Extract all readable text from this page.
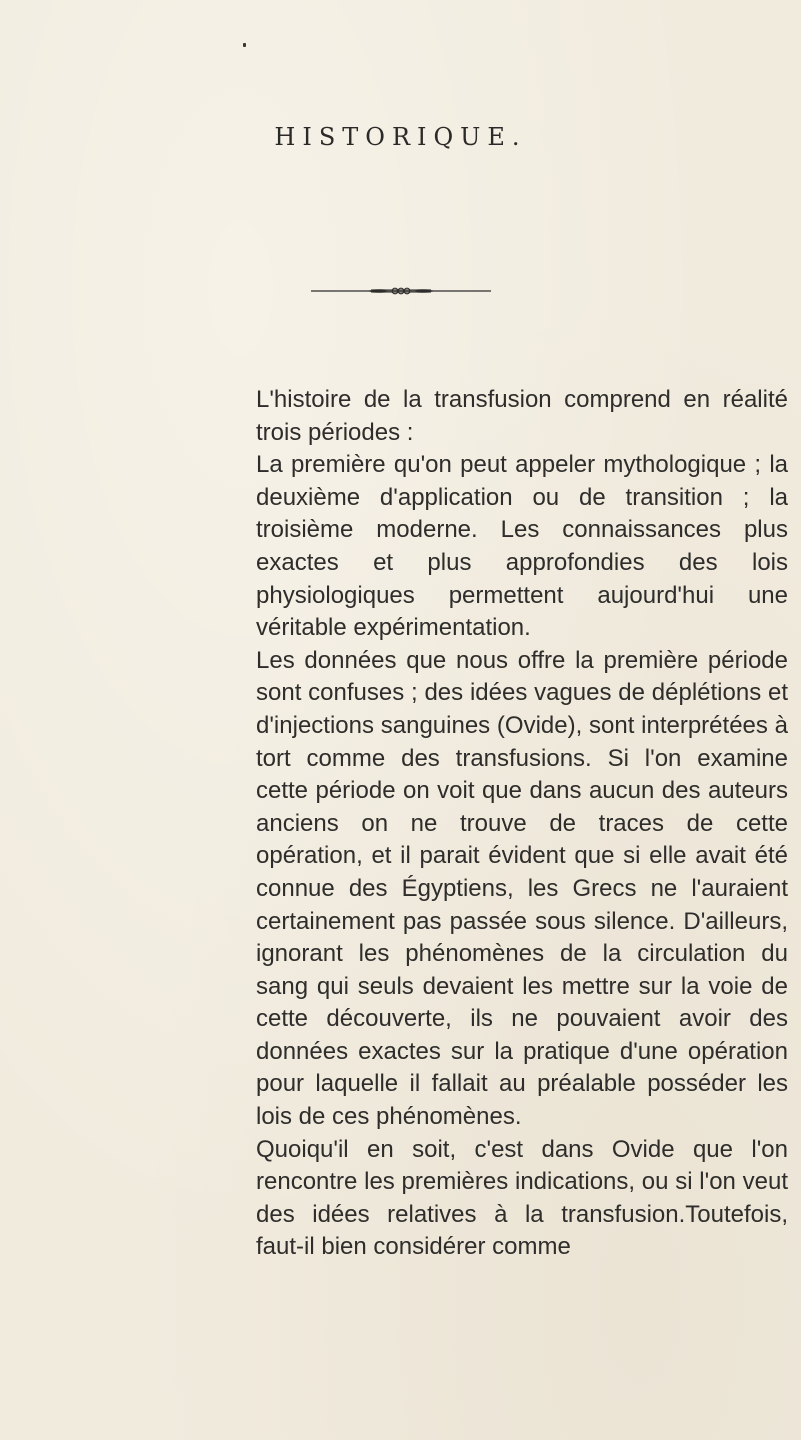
HISTORIQUE.

L'histoire de la transfusion comprend en réalité trois périodes :

La première qu'on peut appeler mythologique ; la deuxième d'application ou de transition ; la troisième moderne. Les connaissances plus exactes et plus approfondies des lois physiologiques permettent aujourd'hui une véritable expérimentation.

Les données que nous offre la première période sont confuses ; des idées vagues de déplétions et d'injections sanguines (Ovide), sont interprétées à tort comme des transfusions. Si l'on examine cette période on voit que dans aucun des auteurs anciens on ne trouve de traces de cette opération, et il parait évident que si elle avait été connue des Égyptiens, les Grecs ne l'auraient certainement pas passée sous silence. D'ailleurs, ignorant les phénomènes de la circulation du sang qui seuls devaient les mettre sur la voie de cette découverte, ils ne pouvaient avoir des données exactes sur la pratique d'une opération pour laquelle il fallait au préalable posséder les lois de ces phénomènes.

Quoiqu'il en soit, c'est dans Ovide que l'on rencontre les premières indications, ou si l'on veut des idées relatives à la transfusion.Toutefois, faut-il bien considérer comme
